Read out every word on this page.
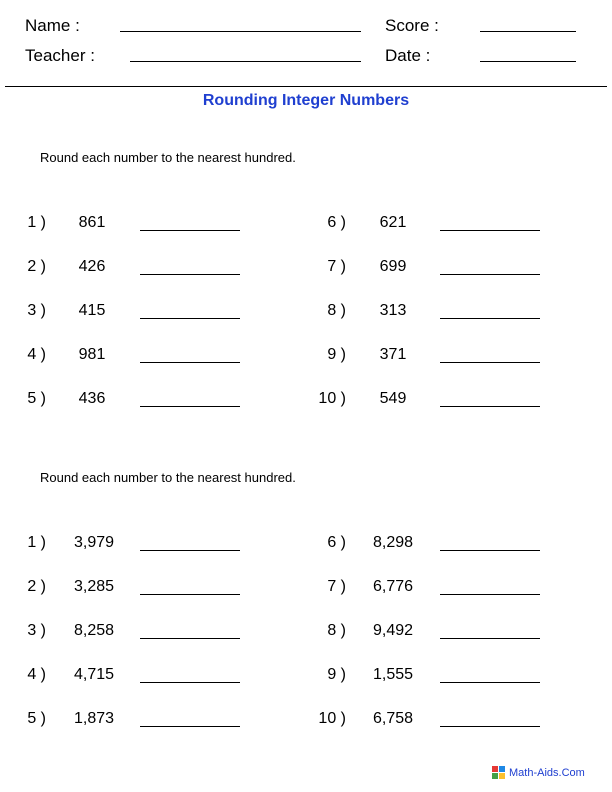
Name :	Score :
Teacher :	Date :
Rounding Integer Numbers
Round each number to the nearest hundred.
1 )	861
2 )	426
3 )	415
4 )	981
5 )	436
6 )	621
7 )	699
8 )	313
9 )	371
10 )	549
Round each number to the nearest hundred.
1 )	3,979
2 )	3,285
3 )	8,258
4 )	4,715
5 )	1,873
6 )	8,298
7 )	6,776
8 )	9,492
9 )	1,555
10 )	6,758
Math-Aids.Com
